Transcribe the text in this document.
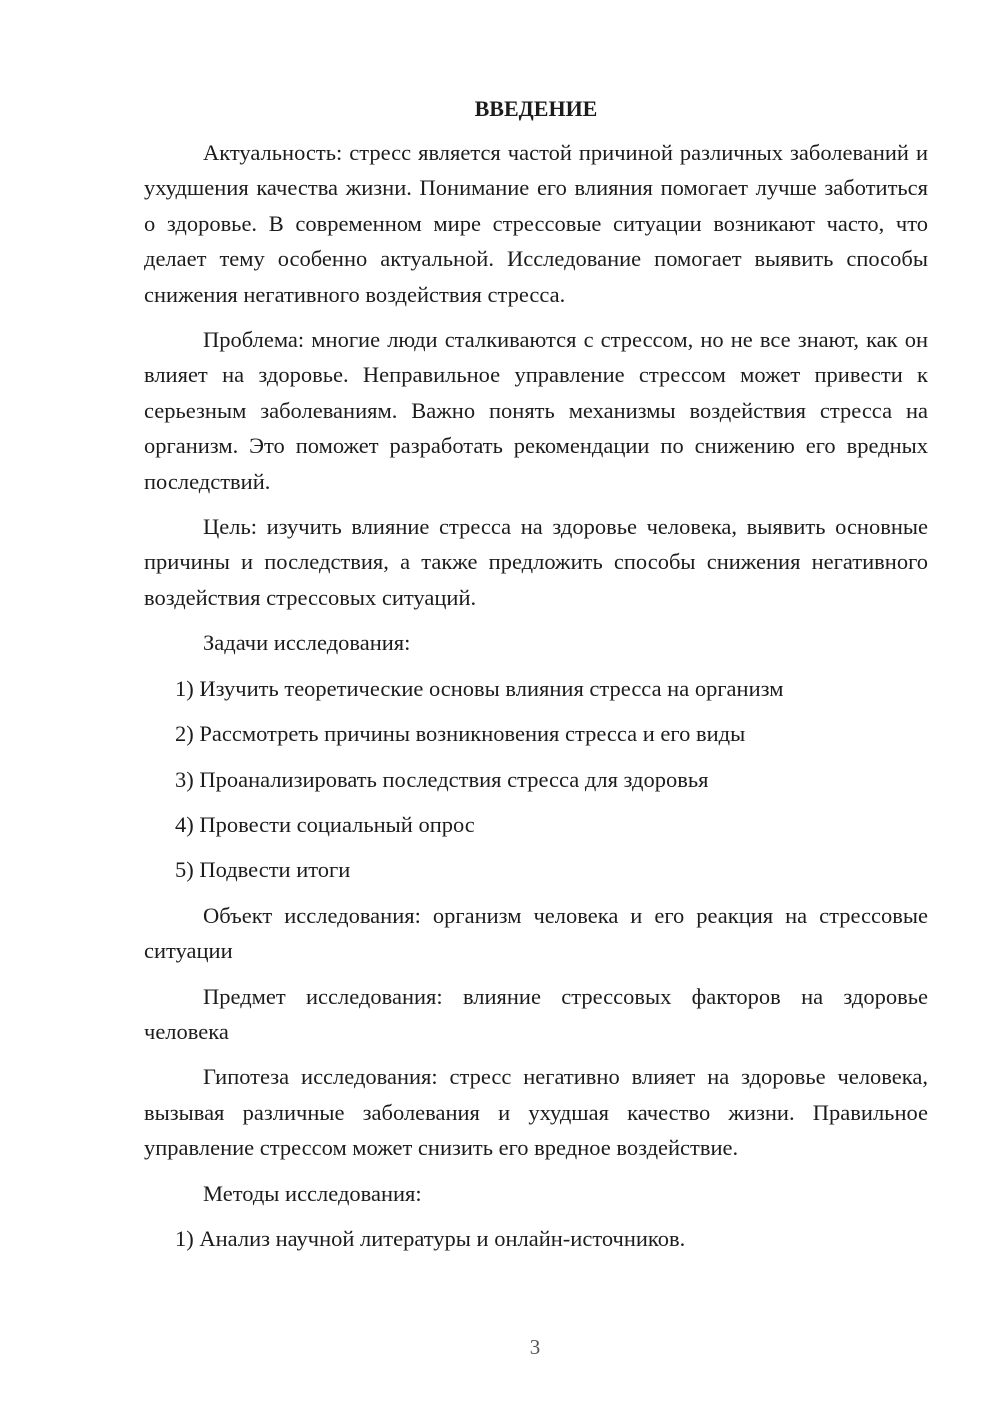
ВВЕДЕНИЕ

Актуальность: стресс является частой причиной различных заболеваний и ухудшения качества жизни. Понимание его влияния помогает лучше заботиться о здоровье. В современном мире стрессовые ситуации возникают часто, что делает тему особенно актуальной. Исследование помогает выявить способы снижения негативного воздействия стресса.

Проблема: многие люди сталкиваются с стрессом, но не все знают, как он влияет на здоровье. Неправильное управление стрессом может привести к серьезным заболеваниям. Важно понять механизмы воздействия стресса на организм. Это поможет разработать рекомендации по снижению его вредных последствий.

Цель: изучить влияние стресса на здоровье человека, выявить основные причины и последствия, а также предложить способы снижения негативного воздействия стрессовых ситуаций.

Задачи исследования:

1) Изучить теоретические основы влияния стресса на организм

2) Рассмотреть причины возникновения стресса и его виды

3) Проанализировать последствия стресса для здоровья

4) Провести социальный опрос

5) Подвести итоги

Объект исследования: организм человека и его реакция на стрессовые ситуации

Предмет исследования: влияние стрессовых факторов на здоровье человека

Гипотеза исследования: стресс негативно влияет на здоровье человека, вызывая различные заболевания и ухудшая качество жизни. Правильное управление стрессом может снизить его вредное воздействие.

Методы исследования:

1) Анализ научной литературы и онлайн-источников.

3
